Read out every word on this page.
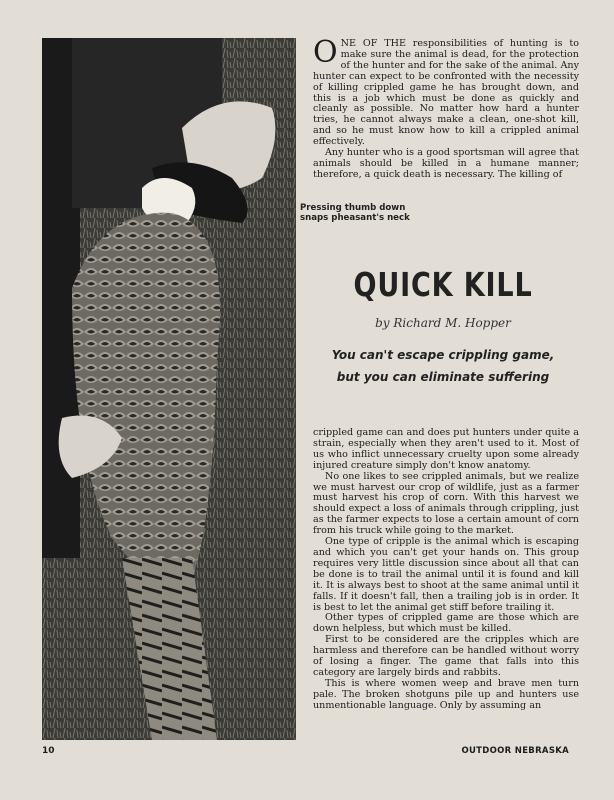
Pressing thumb down
snaps pheasant's neck

ONE OF THE responsibilities of hunting is to make sure the animal is dead, for the protection of the hunter and for the sake of the animal. Any hunter can expect to be confronted with the necessity of killing crippled game he has brought down, and this is a job which must be done as quickly and cleanly as possible. No matter how hard a hunter tries, he cannot always make a clean, one-shot kill, and so he must know how to kill a crippled animal effectively.

Any hunter who is a good sportsman will agree that animals should be killed in a humane manner; therefore, a quick death is necessary. The killing of

QUICK KILL
by Richard M. Hopper
You can't escape crippling game,
but you can eliminate suffering

crippled game can and does put hunters under quite a strain, especially when they aren't used to it. Most of us who inflict unnecessary cruelty upon some already injured creature simply don't know anatomy.

No one likes to see crippled animals, but we realize we must harvest our crop of wildlife, just as a farmer must harvest his crop of corn. With this harvest we should expect a loss of animals through crippling, just as the farmer expects to lose a certain amount of corn from his truck while going to the market.

One type of cripple is the animal which is escaping and which you can't get your hands on. This group requires very little discussion since about all that can be done is to trail the animal until it is found and kill it. It is always best to shoot at the same animal until it falls. If it doesn't fall, then a trailing job is in order. It is best to let the animal get stiff before trailing it.

Other types of crippled game are those which are down helpless, but which must be killed.

First to be considered are the cripples which are harmless and therefore can be handled without worry of losing a finger. The game that falls into this category are largely birds and rabbits.

This is where women weep and brave men turn pale. The broken shotguns pile up and hunters use unmentionable language. Only by assuming an

10	OUTDOOR NEBRASKA
